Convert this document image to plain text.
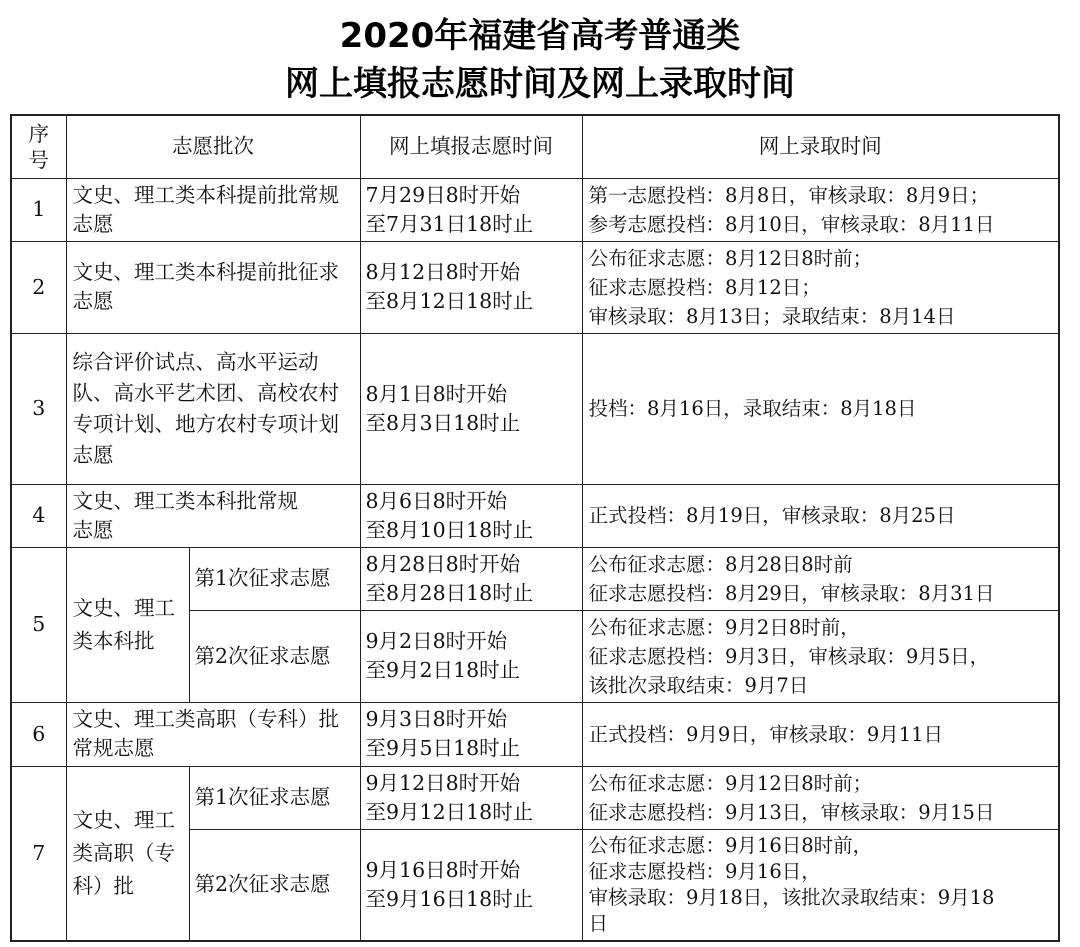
2020年福建省高考普通类
网上填报志愿时间及网上录取时间
序号	志愿批次		网上填报志愿时间	网上录取时间
1	文史、理工类本科提前批常规志愿		7月29日8时开始
至7月31日18时止	第一志愿投档：8月8日，审核录取：8月9日；
参考志愿投档：8月10日，审核录取：8月11日

2	文史、理工类本科提前批征求志愿		8月12日8时开始
至8月12日18时止	公布征求志愿：8月12日8时前；
征求志愿投档：8月12日；
审核录取：8月13日；录取结束：8月14日

3	综合评价试点、高水平运动队、高水平艺术团、高校农村专项计划、地方农村专项计划志愿		8月1日8时开始
至8月3日18时止	投档：8月16日，录取结束：8月18日

4	文史、理工类本科批常规志愿		8月6日8时开始
至8月10日18时止	正式投档：8月19日，审核录取：8月25日

5	文史、理工类本科批	第1次征求志愿	8月28日8时开始
至8月28日18时止	公布征求志愿：8月28日8时前
征求志愿投档：8月29日，审核录取：8月31日

		第2次征求志愿	9月2日8时开始
至9月2日18时止	公布征求志愿：9月2日8时前，
征求志愿投档：9月3日，审核录取：9月5日，
该批次录取结束：9月7日

6	文史、理工类高职（专科）批常规志愿		9月3日8时开始
至9月5日18时止	正式投档：9月9日，审核录取：9月11日

7	文史、理工类高职（专科）批	第1次征求志愿	9月12日8时开始
至9月12日18时止	公布征求志愿：9月12日8时前；
征求志愿投档：9月13日，审核录取：9月15日

		第2次征求志愿	9月16日8时开始
至9月16日18时止	公布征求志愿：9月16日8时前，
征求志愿投档：9月16日，
审核录取：9月18日，该批次录取结束：9月18
日
